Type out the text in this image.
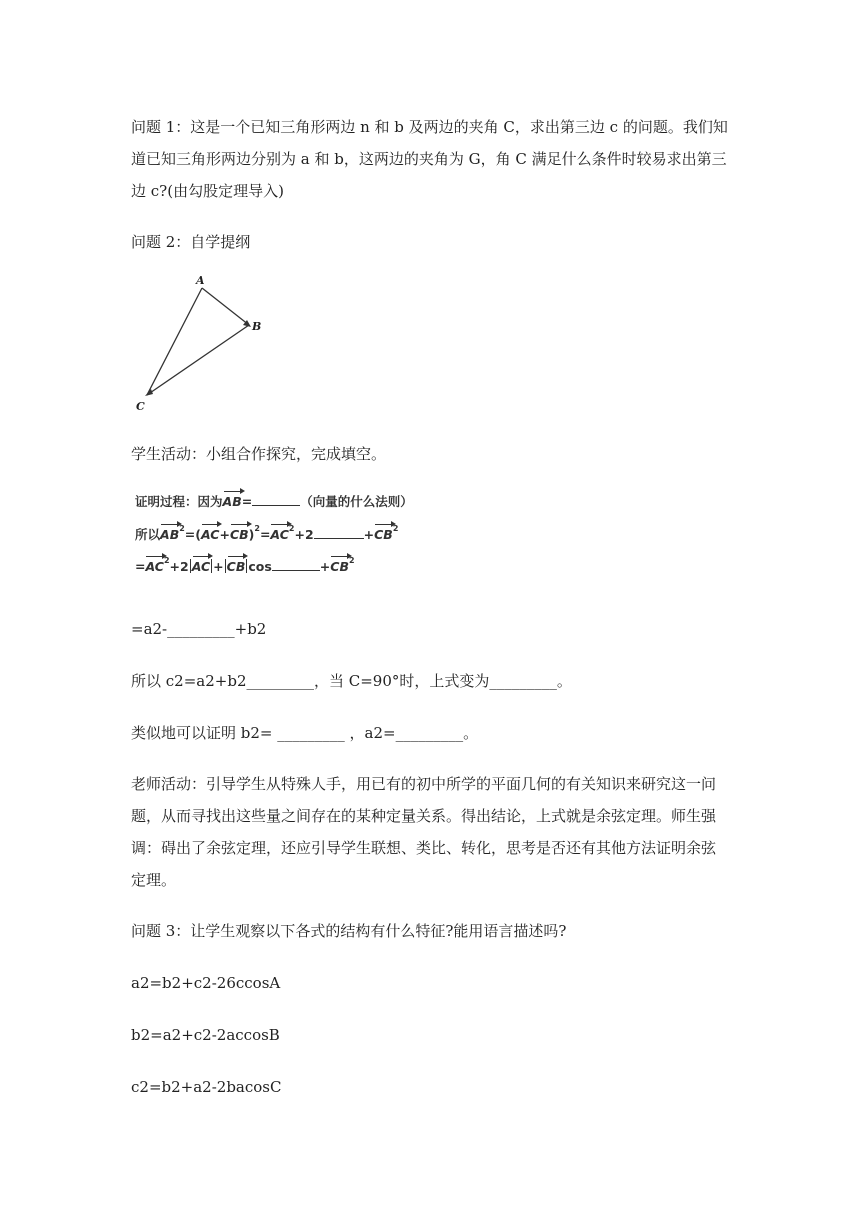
问题 1：这是一个已知三角形两边 n 和 b 及两边的夹角 C，求出第三边 c 的问题。我们知

道已知三角形两边分别为 a 和 b，这两边的夹角为 G，角 C 满足什么条件时较易求出第三

边 c?(由勾股定理导入)

问题 2：自学提纲

A
B
C

学生活动：小组合作探究，完成填空。

证明过程：因为AB=	（向量的什么法则）
所以$AB^2=(AC+CB)^2=AC^2+2$	$+CB^2$
$=AC^2+2$ AC + CB cos	$+CB^2$

=a2-_________+b2

所以 c2=a2+b2_________，当 C=90°时，上式变为_________。

类似地可以证明 b2= _________ ，a2=_________。

老师活动：引导学生从特殊人手，用已有的初中所学的平面几何的有关知识来研究这一问

题，从而寻找出这些量之间存在的某种定量关系。得出结论，上式就是余弦定理。师生强

调：碍出了余弦定理，还应引导学生联想、类比、转化，思考是否还有其他方法证明余弦

定理。

问题 3：让学生观察以下各式的结构有什么特征?能用语言描述吗?

a2=b2+c2-26ccosA

b2=a2+c2-2accosB

c2=b2+a2-2bacosC
